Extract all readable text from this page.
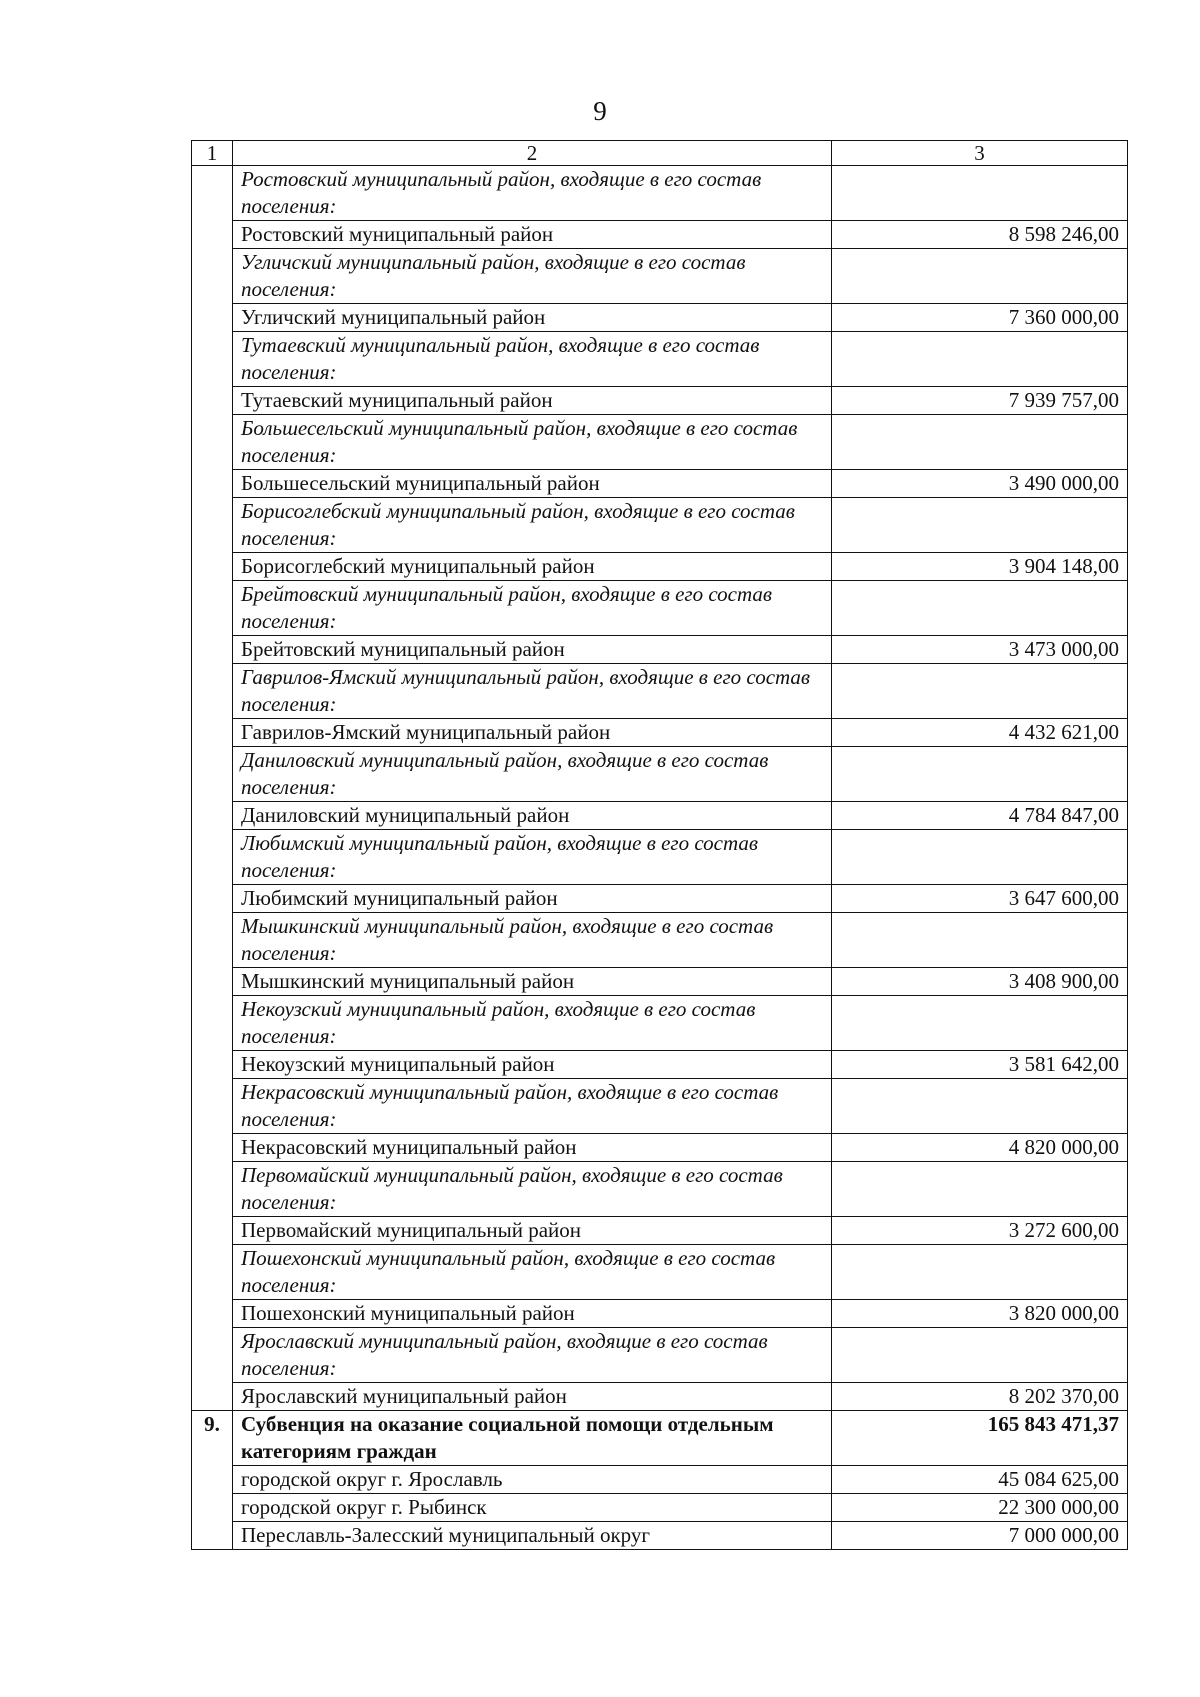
9
1	2	3
	Ростовский муниципальный район, входящие в его состав поселения:	
	Ростовский муниципальный район	8 598 246,00
	Угличский муниципальный район, входящие в его состав поселения:	
	Угличский муниципальный район	7 360 000,00
	Тутаевский муниципальный район, входящие в его состав поселения:	
	Тутаевский муниципальный район	7 939 757,00
	Большесельский муниципальный район, входящие в его состав поселения:	
	Большесельский муниципальный район	3 490 000,00
	Борисоглебский муниципальный район, входящие в его состав поселения:	
	Борисоглебский муниципальный район	3 904 148,00
	Брейтовский муниципальный район, входящие в его состав поселения:	
	Брейтовский муниципальный район	3 473 000,00
	Гаврилов-Ямский муниципальный район, входящие в его состав поселения:	
	Гаврилов-Ямский муниципальный район	4 432 621,00
	Даниловский муниципальный район, входящие в его состав поселения:	
	Даниловский муниципальный район	4 784 847,00
	Любимский муниципальный район, входящие в его состав поселения:	
	Любимский муниципальный район	3 647 600,00
	Мышкинский муниципальный район, входящие в его состав поселения:	
	Мышкинский муниципальный район	3 408 900,00
	Некоузский муниципальный район, входящие в его состав поселения:	
	Некоузский муниципальный район	3 581 642,00
	Некрасовский муниципальный район, входящие в его состав поселения:	
	Некрасовский муниципальный район	4 820 000,00
	Первомайский муниципальный район, входящие в его состав поселения:	
	Первомайский муниципальный район	3 272 600,00
	Пошехонский муниципальный район, входящие в его состав поселения:	
	Пошехонский муниципальный район	3 820 000,00
	Ярославский муниципальный район, входящие в его состав поселения:	
	Ярославский муниципальный район	8 202 370,00
9.	Субвенция на оказание социальной помощи отдельным категориям граждан	165 843 471,37
	городской округ г. Ярославль	45 084 625,00
	городской округ г. Рыбинск	22 300 000,00
	Переславль-Залесский муниципальный округ	7 000 000,00
